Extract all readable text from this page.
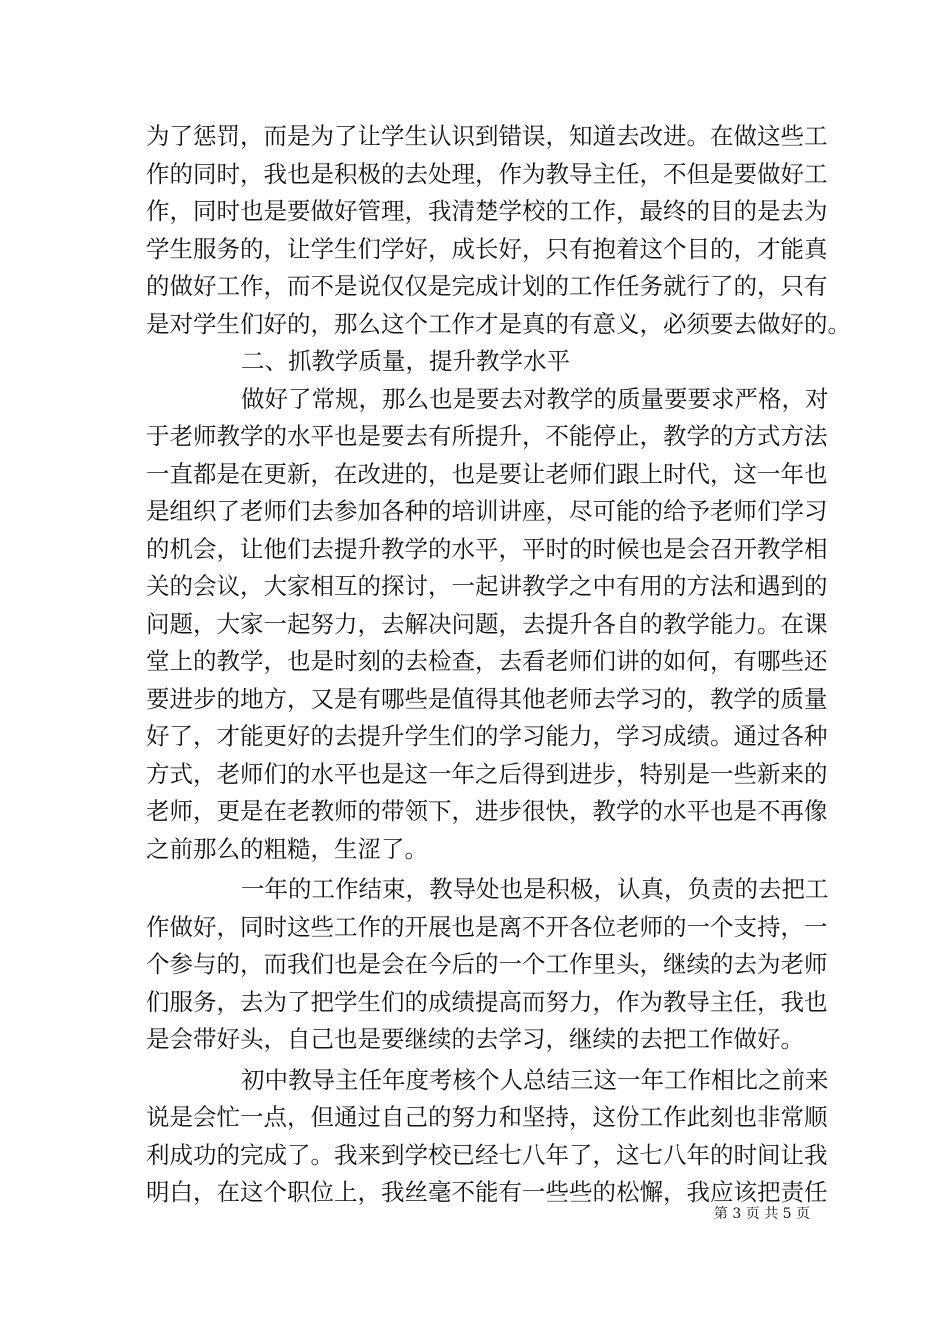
为了惩罚，而是为了让学生认识到错误，知道去改进。在做这些工
作的同时，我也是积极的去处理，作为教导主任，不但是要做好工
作，同时也是要做好管理，我清楚学校的工作，最终的目的是去为
学生服务的，让学生们学好，成长好，只有抱着这个目的，才能真
的做好工作，而不是说仅仅是完成计划的工作任务就行了的，只有
是对学生们好的，那么这个工作才是真的有意义，必须要去做好的。
二、抓教学质量，提升教学水平
做好了常规，那么也是要去对教学的质量要要求严格，对
于老师教学的水平也是要去有所提升，不能停止，教学的方式方法
一直都是在更新，在改进的，也是要让老师们跟上时代，这一年也
是组织了老师们去参加各种的培训讲座，尽可能的给予老师们学习
的机会，让他们去提升教学的水平，平时的时候也是会召开教学相
关的会议，大家相互的探讨，一起讲教学之中有用的方法和遇到的
问题，大家一起努力，去解决问题，去提升各自的教学能力。在课
堂上的教学，也是时刻的去检查，去看老师们讲的如何，有哪些还
要进步的地方，又是有哪些是值得其他老师去学习的，教学的质量
好了，才能更好的去提升学生们的学习能力，学习成绩。通过各种
方式，老师们的水平也是这一年之后得到进步，特别是一些新来的
老师，更是在老教师的带领下，进步很快，教学的水平也是不再像
之前那么的粗糙，生涩了。
一年的工作结束，教导处也是积极，认真，负责的去把工
作做好，同时这些工作的开展也是离不开各位老师的一个支持，一
个参与的，而我们也是会在今后的一个工作里头，继续的去为老师
们服务，去为了把学生们的成绩提高而努力，作为教导主任，我也
是会带好头，自己也是要继续的去学习，继续的去把工作做好。
初中教导主任年度考核个人总结三这一年工作相比之前来
说是会忙一点，但通过自己的努力和坚持，这份工作此刻也非常顺
利成功的完成了。我来到学校已经七八年了，这七八年的时间让我
明白，在这个职位上，我丝毫不能有一些些的松懈，我应该把责任
第 3 页 共 5 页
